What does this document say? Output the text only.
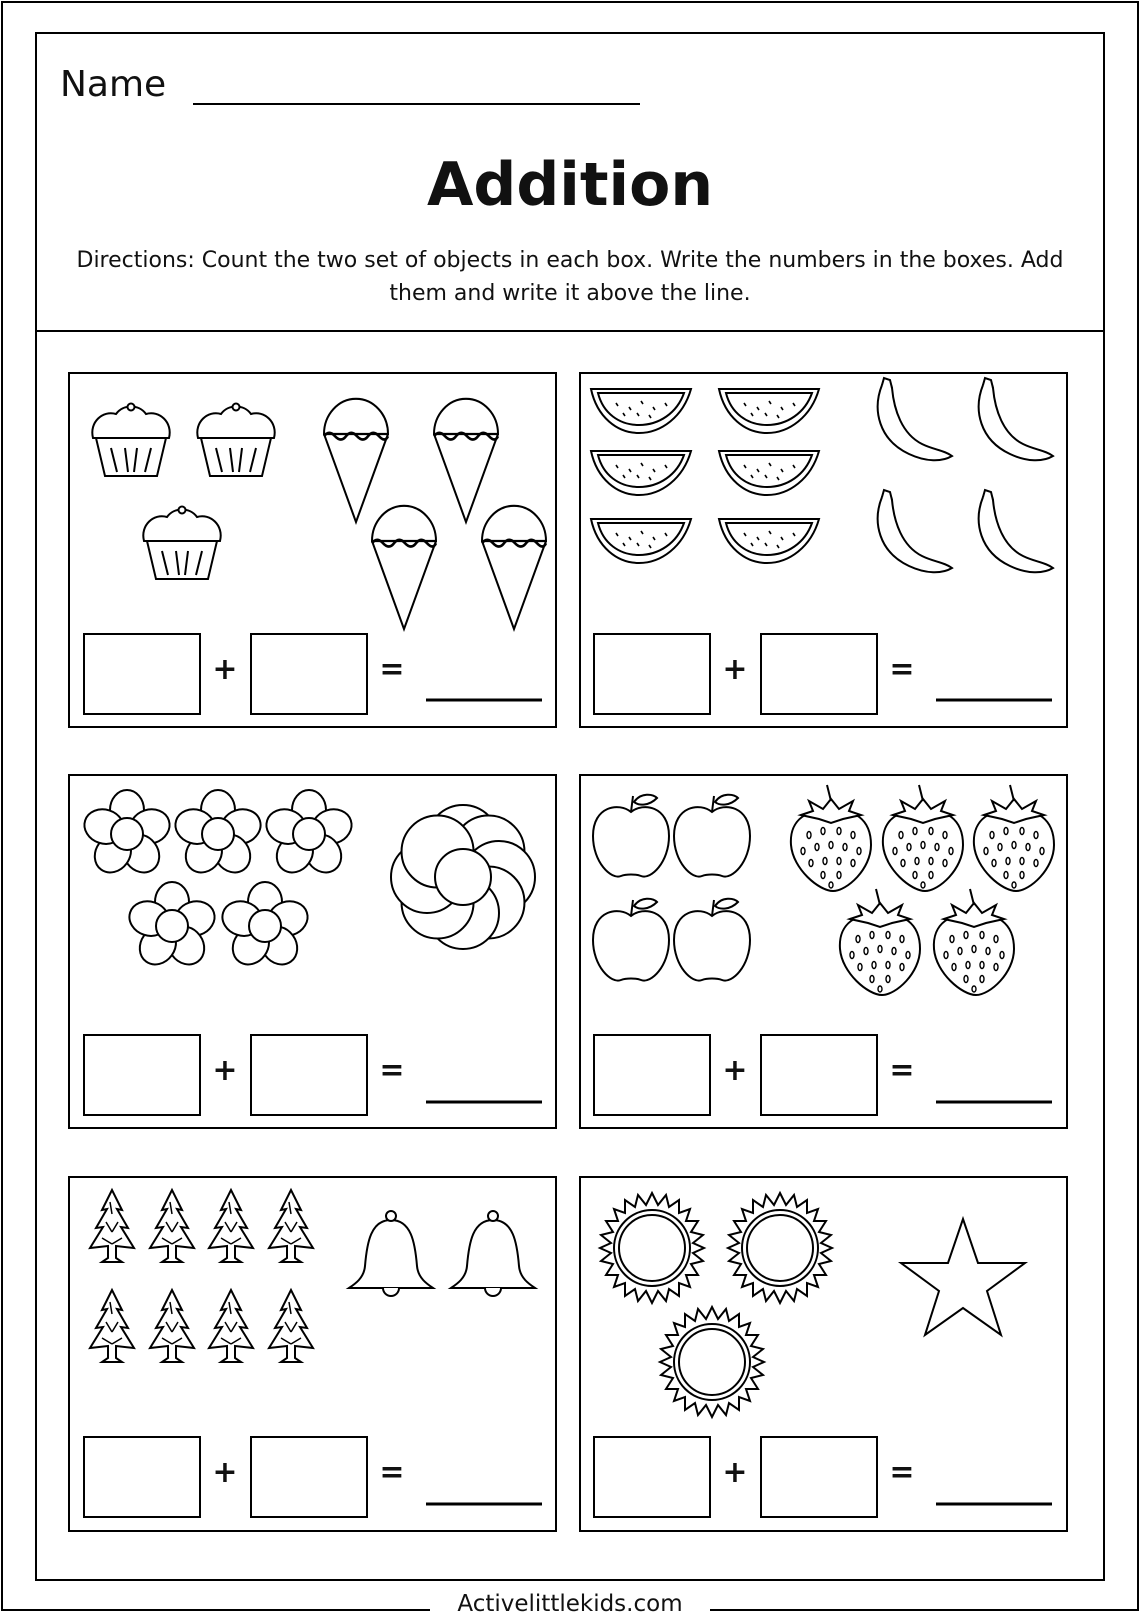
Name
Addition
Directions: Count the two set of objects in each box. Write the numbers in the boxes. Add them and write it above the line.
+	=	+	=
+	=	+	=
+	=	+	=
Activelittlekids.com
